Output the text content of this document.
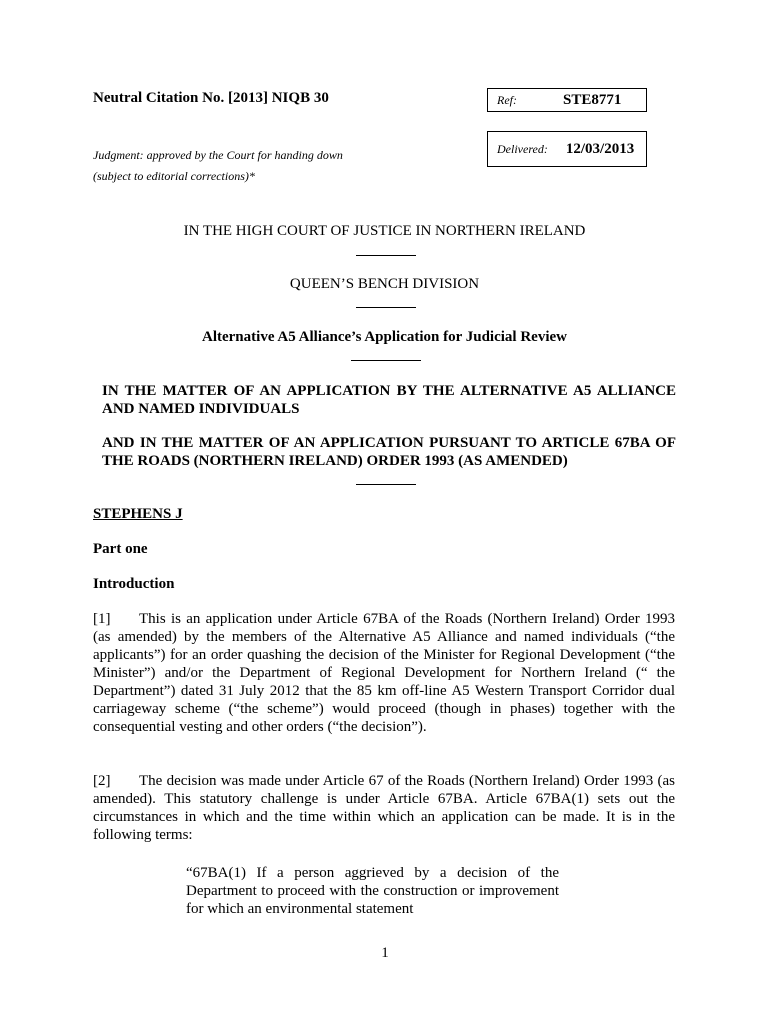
Neutral Citation No. [2013] NIQB 30	Ref:	STE8771
Delivered: 12/03/2013
Judgment: approved by the Court for handing down
(subject to editorial corrections)*
IN THE HIGH COURT OF JUSTICE IN NORTHERN IRELAND
QUEEN’S BENCH DIVISION
Alternative A5 Alliance’s Application for Judicial Review
IN THE MATTER OF AN APPLICATION BY THE ALTERNATIVE A5 ALLIANCE AND NAMED INDIVIDUALS
AND IN THE MATTER OF AN APPLICATION PURSUANT TO ARTICLE 67BA OF THE ROADS (NORTHERN IRELAND) ORDER 1993 (AS AMENDED)
STEPHENS J
Part one
Introduction
[1] This is an application under Article 67BA of the Roads (Northern Ireland) Order 1993 (as amended) by the members of the Alternative A5 Alliance and named individuals (“the applicants”) for an order quashing the decision of the Minister for Regional Development (“the Minister”) and/or the Department of Regional Development for Northern Ireland (“ the Department”) dated 31 July 2012 that the 85 km off-line A5 Western Transport Corridor dual carriageway scheme (“the scheme”) would proceed (though in phases) together with the consequential vesting and other orders (“the decision”).
[2] The decision was made under Article 67 of the Roads (Northern Ireland) Order 1993 (as amended). This statutory challenge is under Article 67BA. Article 67BA(1) sets out the circumstances in which and the time within which an application can be made. It is in the following terms:
“67BA(1) If a person aggrieved by a decision of the Department to proceed with the construction or improvement for which an environmental statement
1
